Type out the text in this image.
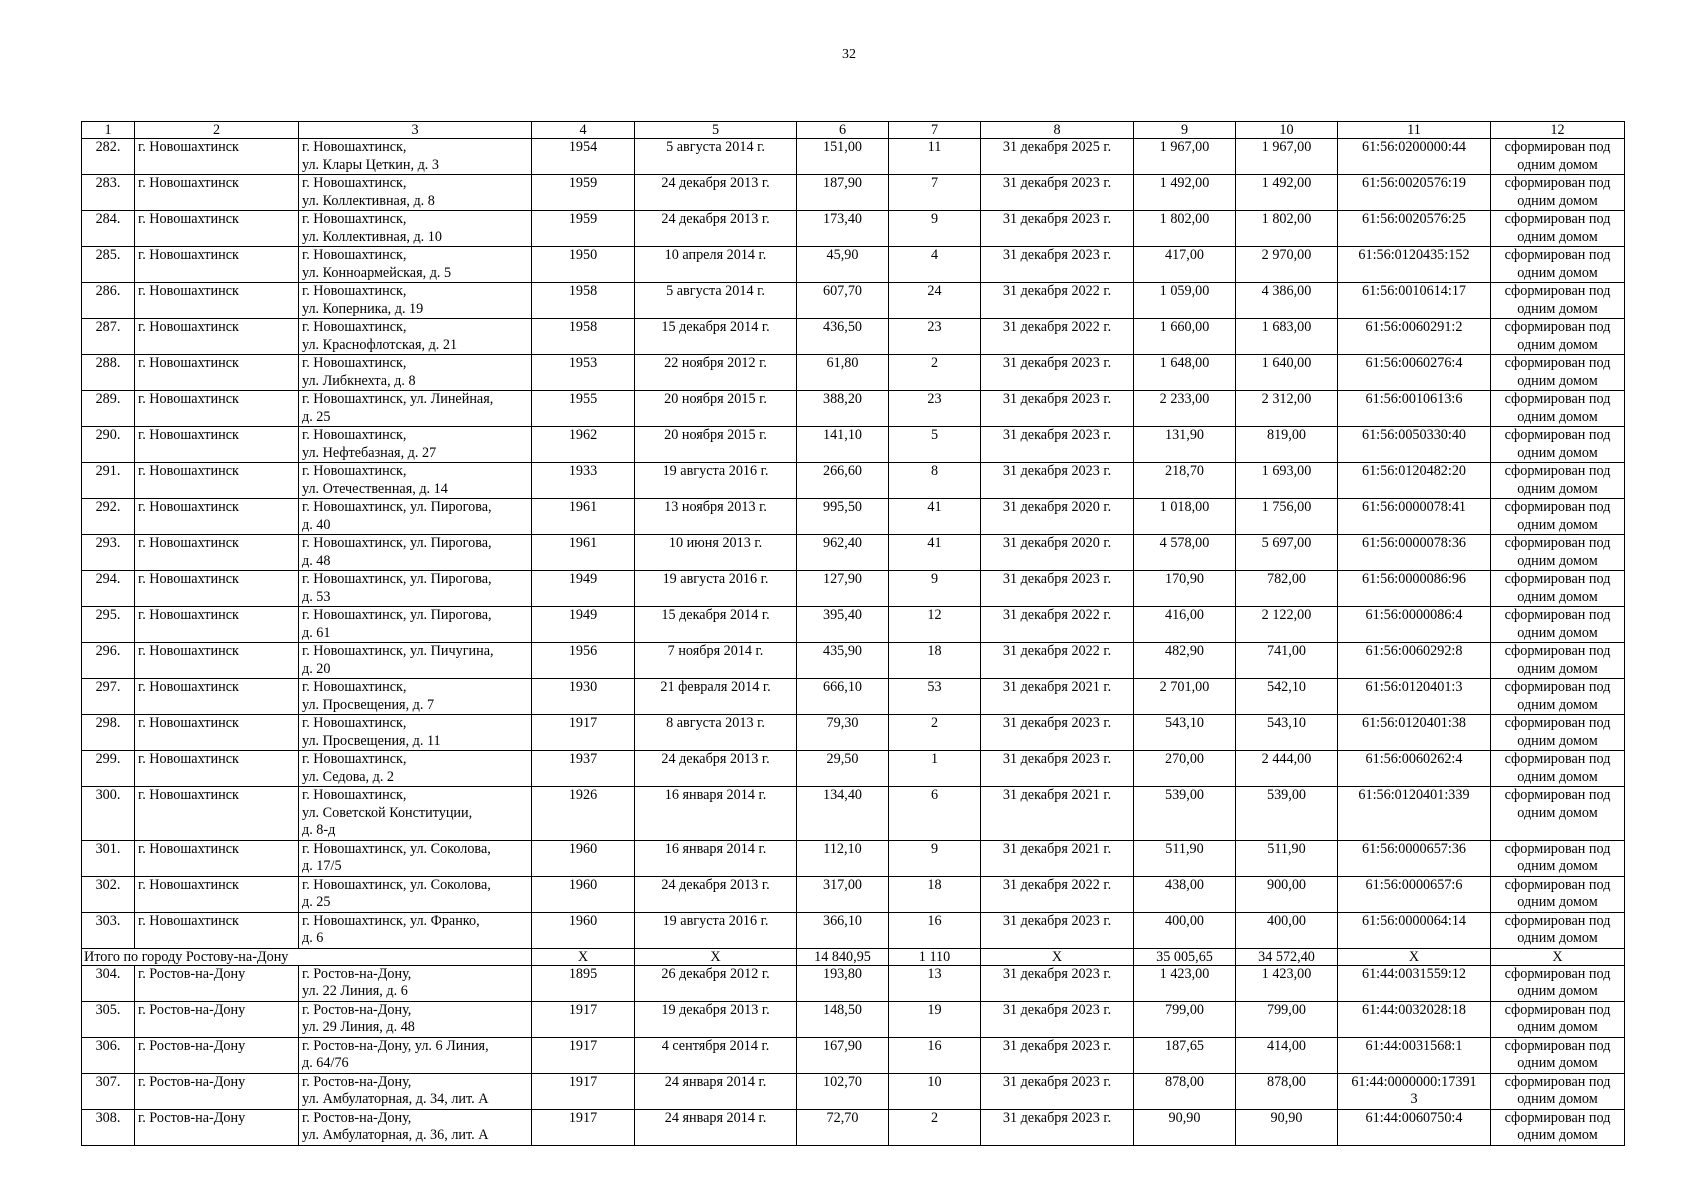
32
1	2	3	4	5	6	7	8	9	10	11	12
282.	г. Новошахтинск	г. Новошахтинск,
ул. Клары Цеткин, д. 3	1954	5 августа 2014 г.	151,00	11	31 декабря 2025 г.	1 967,00	1 967,00	61:56:0200000:44	сформирован под одним домом
283.	г. Новошахтинск	г. Новошахтинск,
ул. Коллективная, д. 8	1959	24 декабря 2013 г.	187,90	7	31 декабря 2023 г.	1 492,00	1 492,00	61:56:0020576:19	сформирован под одним домом
284.	г. Новошахтинск	г. Новошахтинск,
ул. Коллективная, д. 10	1959	24 декабря 2013 г.	173,40	9	31 декабря 2023 г.	1 802,00	1 802,00	61:56:0020576:25	сформирован под одним домом
285.	г. Новошахтинск	г. Новошахтинск,
ул. Коннoармейская, д. 5	1950	10 апреля 2014 г.	45,90	4	31 декабря 2023 г.	417,00	2 970,00	61:56:0120435:152	сформирован под одним домом
286.	г. Новошахтинск	г. Новошахтинск,
ул. Коперника, д. 19	1958	5 августа 2014 г.	607,70	24	31 декабря 2022 г.	1 059,00	4 386,00	61:56:0010614:17	сформирован под одним домом
287.	г. Новошахтинск	г. Новошахтинск,
ул. Краснофлотская, д. 21	1958	15 декабря 2014 г.	436,50	23	31 декабря 2022 г.	1 660,00	1 683,00	61:56:0060291:2	сформирован под одним домом
288.	г. Новошахтинск	г. Новошахтинск,
ул. Либкнехта, д. 8	1953	22 ноября 2012 г.	61,80	2	31 декабря 2023 г.	1 648,00	1 640,00	61:56:0060276:4	сформирован под одним домом
289.	г. Новошахтинск	г. Новошахтинск, ул. Линейная,
д. 25	1955	20 ноября 2015 г.	388,20	23	31 декабря 2023 г.	2 233,00	2 312,00	61:56:0010613:6	сформирован под одним домом
290.	г. Новошахтинск	г. Новошахтинск,
ул. Нефтебазная, д. 27	1962	20 ноября 2015 г.	141,10	5	31 декабря 2023 г.	131,90	819,00	61:56:0050330:40	сформирован под одним домом
291.	г. Новошахтинск	г. Новошахтинск,
ул. Отечественная, д. 14	1933	19 августа 2016 г.	266,60	8	31 декабря 2023 г.	218,70	1 693,00	61:56:0120482:20	сформирован под одним домом
292.	г. Новошахтинск	г. Новошахтинск, ул. Пирогова,
д. 40	1961	13 ноября 2013 г.	995,50	41	31 декабря 2020 г.	1 018,00	1 756,00	61:56:0000078:41	сформирован под одним домом
293.	г. Новошахтинск	г. Новошахтинск, ул. Пирогова,
д. 48	1961	10 июня 2013 г.	962,40	41	31 декабря 2020 г.	4 578,00	5 697,00	61:56:0000078:36	сформирован под одним домом
294.	г. Новошахтинск	г. Новошахтинск, ул. Пирогова,
д. 53	1949	19 августа 2016 г.	127,90	9	31 декабря 2023 г.	170,90	782,00	61:56:0000086:96	сформирован под одним домом
295.	г. Новошахтинск	г. Новошахтинск, ул. Пирогова,
д. 61	1949	15 декабря 2014 г.	395,40	12	31 декабря 2022 г.	416,00	2 122,00	61:56:0000086:4	сформирован под одним домом
296.	г. Новошахтинск	г. Новошахтинск, ул. Пичугина,
д. 20	1956	7 ноября 2014 г.	435,90	18	31 декабря 2022 г.	482,90	741,00	61:56:0060292:8	сформирован под одним домом
297.	г. Новошахтинск	г. Новошахтинск,
ул. Просвещения, д. 7	1930	21 февраля 2014 г.	666,10	53	31 декабря 2021 г.	2 701,00	542,10	61:56:0120401:3	сформирован под одним домом
298.	г. Новошахтинск	г. Новошахтинск,
ул. Просвещения, д. 11	1917	8 августа 2013 г.	79,30	2	31 декабря 2023 г.	543,10	543,10	61:56:0120401:38	сформирован под одним домом
299.	г. Новошахтинск	г. Новошахтинск,
ул. Седова, д. 2	1937	24 декабря 2013 г.	29,50	1	31 декабря 2023 г.	270,00	2 444,00	61:56:0060262:4	сформирован под одним домом
300.	г. Новошахтинск	г. Новошахтинск,
ул. Советской Конституции,
д. 8-д	1926	16 января 2014 г.	134,40	6	31 декабря 2021 г.	539,00	539,00	61:56:0120401:339	сформирован под одним домом
301.	г. Новошахтинск	г. Новошахтинск, ул. Соколова,
д. 17/5	1960	16 января 2014 г.	112,10	9	31 декабря 2021 г.	511,90	511,90	61:56:0000657:36	сформирован под одним домом
302.	г. Новошахтинск	г. Новошахтинск, ул. Соколова,
д. 25	1960	24 декабря 2013 г.	317,00	18	31 декабря 2022 г.	438,00	900,00	61:56:0000657:6	сформирован под одним домом
303.	г. Новошахтинск	г. Новошахтинск, ул. Франко,
д. 6	1960	19 августа 2016 г.	366,10	16	31 декабря 2023 г.	400,00	400,00	61:56:0000064:14	сформирован под одним домом
Итого по городу Ростову-на-Дону			X	X	14 840,95	1 110	X	35 005,65	34 572,40	X	X
304.	г. Ростов-на-Дону	г. Ростов-на-Дону,
ул. 22 Линия, д. 6	1895	26 декабря 2012 г.	193,80	13	31 декабря 2023 г.	1 423,00	1 423,00	61:44:0031559:12	сформирован под одним домом
305.	г. Ростов-на-Дону	г. Ростов-на-Дону,
ул. 29 Линия, д. 48	1917	19 декабря 2013 г.	148,50	19	31 декабря 2023 г.	799,00	799,00	61:44:0032028:18	сформирован под одним домом
306.	г. Ростов-на-Дону	г. Ростов-на-Дону, ул. 6 Линия,
д. 64/76	1917	4 сентября 2014 г.	167,90	16	31 декабря 2023 г.	187,65	414,00	61:44:0031568:1	сформирован под одним домом
307.	г. Ростов-на-Дону	г. Ростов-на-Дону,
ул. Амбулаторная, д. 34, лит. А	1917	24 января 2014 г.	102,70	10	31 декабря 2023 г.	878,00	878,00	61:44:0000000:17391
3	сформирован под одним домом
308.	г. Ростов-на-Дону	г. Ростов-на-Дону,
ул. Амбулаторная, д. 36, лит. А	1917	24 января 2014 г.	72,70	2	31 декабря 2023 г.	90,90	90,90	61:44:0060750:4	сформирован под одним домом
